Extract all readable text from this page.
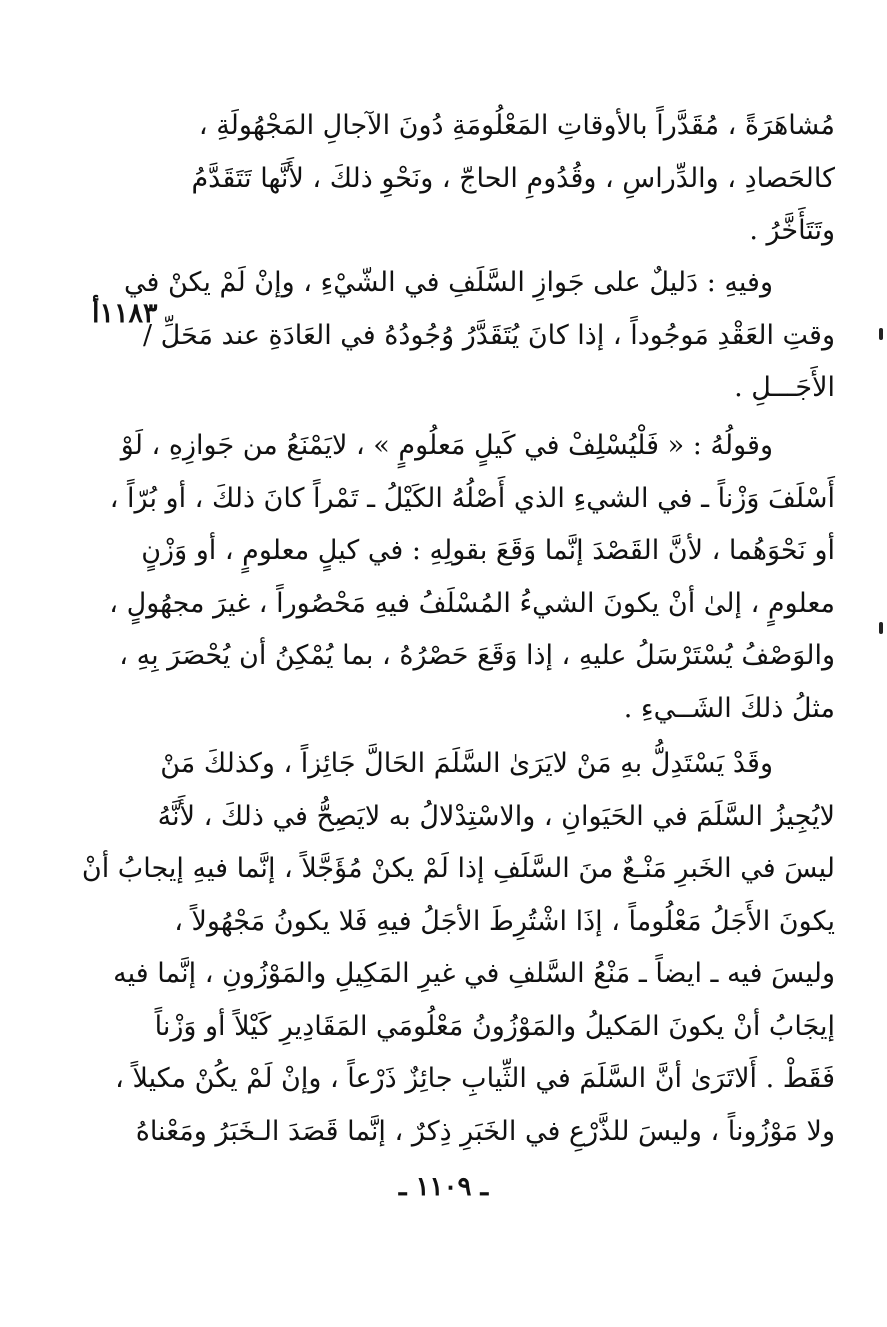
مُشاهَرَةً ، مُقَدَّراً بالأوقاتِ المَعْلُومَةِ دُونَ الآجالِ المَجْهُولَةِ ،
كالحَصادِ ، والدِّراسِ ، وقُدُومِ الحاجّ ، ونَحْوِ ذلكَ ، لأَنَّها تَتَقَدَّمُ
وتَتَأَخَّرُ .
وفيهِ : دَليلٌ على جَوازِ السَّلَفِ في الشّيْءِ ، وإنْ لَمْ يكنْ في
وقتِ العَقْدِ مَوجُوداً ، إذا كانَ يُتَقَدَّرُ وُجُودُهُ في العَادَةِ عند مَحَلِّ /
الأَجَـــلِ .
١١٨٣أ
وقولُهُ : « فَلْيُسْلِفْ في كَيلٍ مَعلُومٍ » ، لايَمْنَعُ من جَوازِهِ ، لَوْ
أَسْلَفَ وَزْناً ـ في الشيءِ الذي أَصْلُهُ الكَيْلُ ـ تَمْراً كانَ ذلكَ ، أو بُرّاً ،
أو نَحْوَهُما ، لأنَّ القَصْدَ إنَّما وَقَعَ بقولِهِ : في كيلٍ معلومٍ ، أو وَزْنٍ
معلومٍ ، إلىٰ أنْ يكونَ الشيءُ المُسْلَفُ فيهِ مَحْصُوراً ، غيرَ مجهُولٍ ،
والوَصْفُ يُسْتَرْسَلُ عليهِ ، إذا وَقَعَ حَصْرُهُ ، بما يُمْكِنُ أن يُحْصَرَ بِهِ ،
مثلُ ذلكَ الشَــيءِ .
وقَدْ يَسْتَدِلُّ بهِ مَنْ لايَرَىٰ السَّلَمَ الحَالَّ جَائِزاً ، وكذلكَ مَنْ
لايُجِيزُ السَّلَمَ في الحَيَوانِ ، والاسْتِدْلالُ به لايَصِحُّ في ذلكَ ، لأَنَّهُ
ليسَ في الخَبرِ مَنْـعٌ منَ السَّلَفِ إذا لَمْ يكنْ مُؤَجَّلاً ، إنَّما فيهِ إيجابُ أنْ
يكونَ الأَجَلُ مَعْلُوماً ، إذَا اشْتُرِطَ الأجَلُ فيهِ فَلا يكونُ مَجْهُولاً ،
وليسَ فيه ـ ايضاً ـ مَنْعُ السَّلفِ في غيرِ المَكِيلِ والمَوْزُونِ ، إنَّما فيه
إيجَابُ أنْ يكونَ المَكيلُ والمَوْزُونُ مَعْلُومَي المَقَادِيرِ كَيْلاً أو وَزْناً
فَقَطْ . أَلاتَرَىٰ أنَّ السَّلَمَ في الثِّيابِ جائِزٌ ذَرْعاً ، وإنْ لَمْ يكُنْ مكيلاً ،
ولا مَوْزُوناً ، وليسَ للذَّرْعِ في الخَبَرِ ذِكرٌ ، إنَّما قَصَدَ الـخَبَرُ ومَعْناهُ
ـ ١١٠٩ ـ
